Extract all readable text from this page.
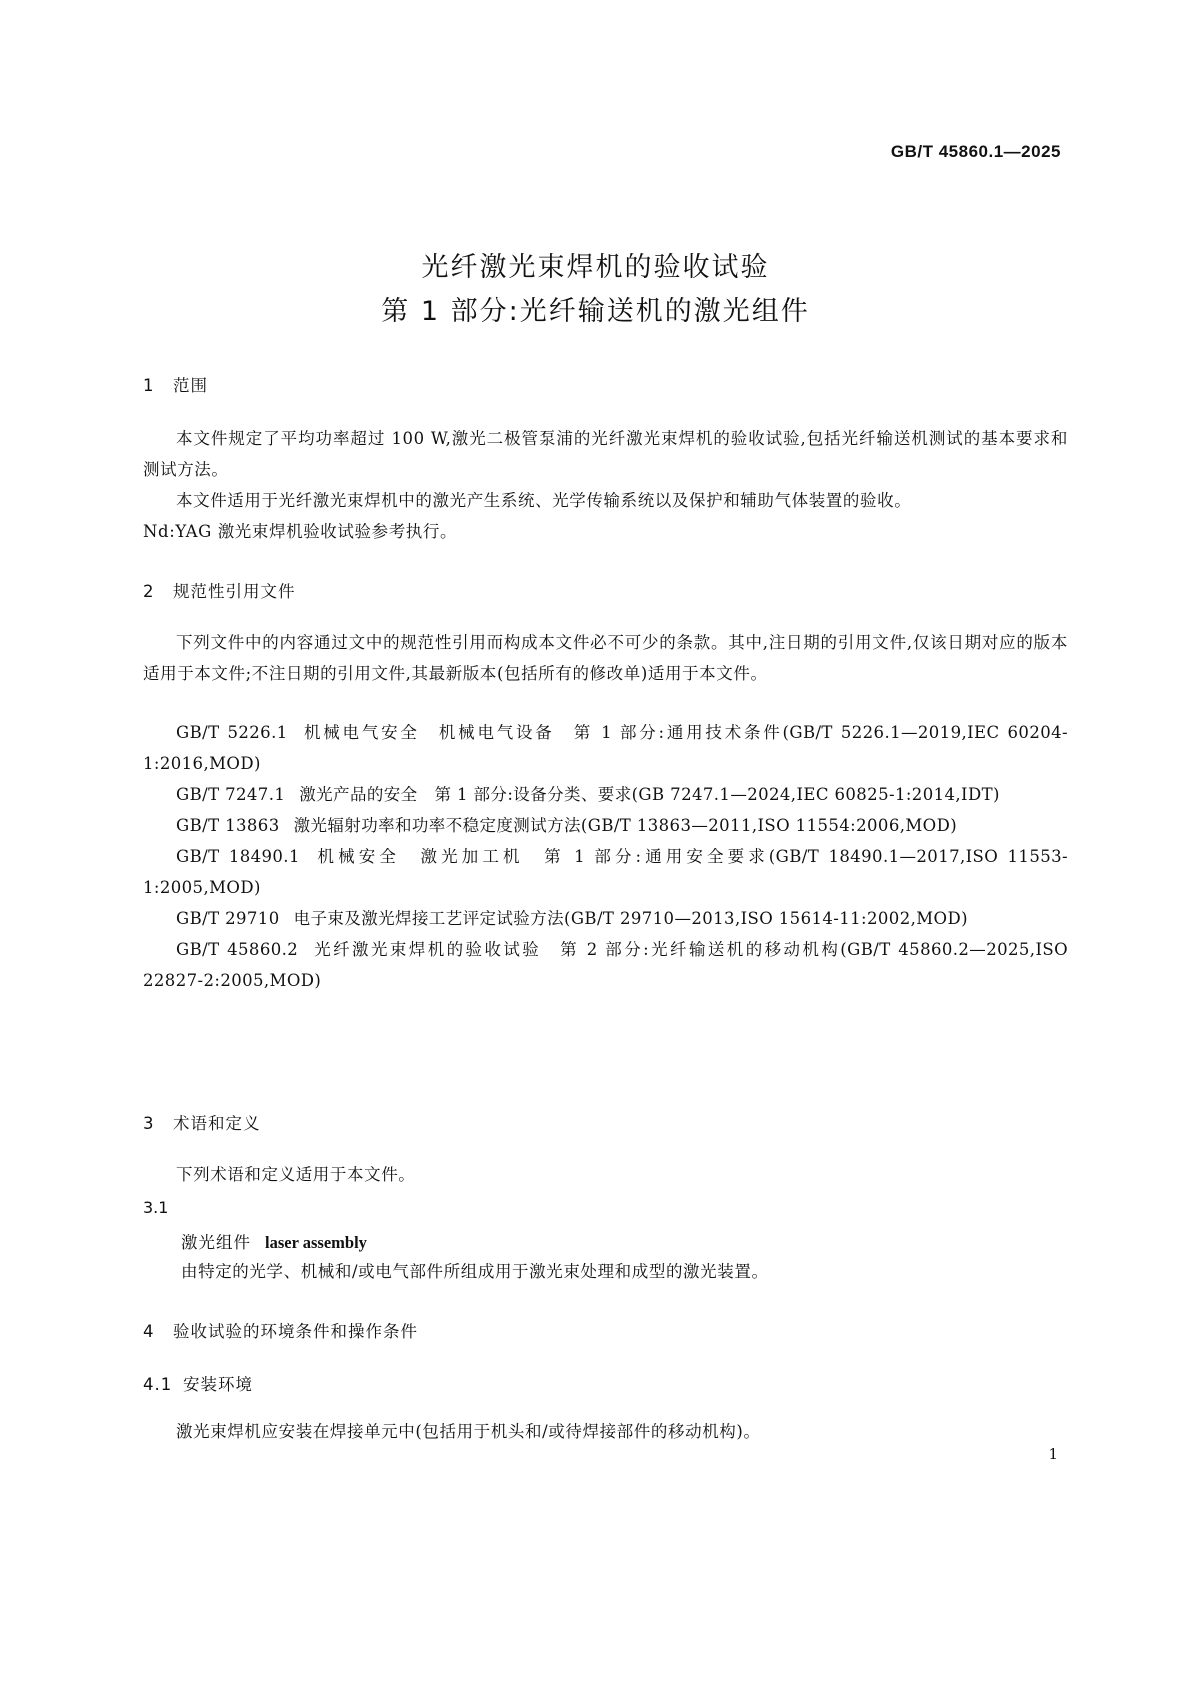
GB/T 45860.1—2025
光纤激光束焊机的验收试验
第 1 部分:光纤输送机的激光组件
1 范围
本文件规定了平均功率超过 100 W,激光二极管泵浦的光纤激光束焊机的验收试验,包括光纤输送机测试的基本要求和测试方法。
本文件适用于光纤激光束焊机中的激光产生系统、光学传输系统以及保护和辅助气体装置的验收。
Nd:YAG 激光束焊机验收试验参考执行。
2 规范性引用文件
下列文件中的内容通过文中的规范性引用而构成本文件必不可少的条款。其中,注日期的引用文件,仅该日期对应的版本适用于本文件;不注日期的引用文件,其最新版本(包括所有的修改单)适用于本文件。
GB/T 5226.1 机械电气安全　机械电气设备　第 1 部分:通用技术条件(GB/T 5226.1—2019,IEC 60204-1:2016,MOD)
GB/T 7247.1 激光产品的安全　第 1 部分:设备分类、要求(GB 7247.1—2024,IEC 60825-1:2014,IDT)
GB/T 13863 激光辐射功率和功率不稳定度测试方法(GB/T 13863—2011,ISO 11554:2006,MOD)
GB/T 18490.1 机械安全　激光加工机　第 1 部分:通用安全要求(GB/T 18490.1—2017,ISO 11553-1:2005,MOD)
GB/T 29710 电子束及激光焊接工艺评定试验方法(GB/T 29710—2013,ISO 15614-11:2002,MOD)
GB/T 45860.2 光纤激光束焊机的验收试验　第 2 部分:光纤输送机的移动机构(GB/T 45860.2—2025,ISO 22827-2:2005,MOD)
3 术语和定义
下列术语和定义适用于本文件。
3.1
激光组件 laser assembly
由特定的光学、机械和/或电气部件所组成用于激光束处理和成型的激光装置。
4 验收试验的环境条件和操作条件
4.1 安装环境
激光束焊机应安装在焊接单元中(包括用于机头和/或待焊接部件的移动机构)。
1
